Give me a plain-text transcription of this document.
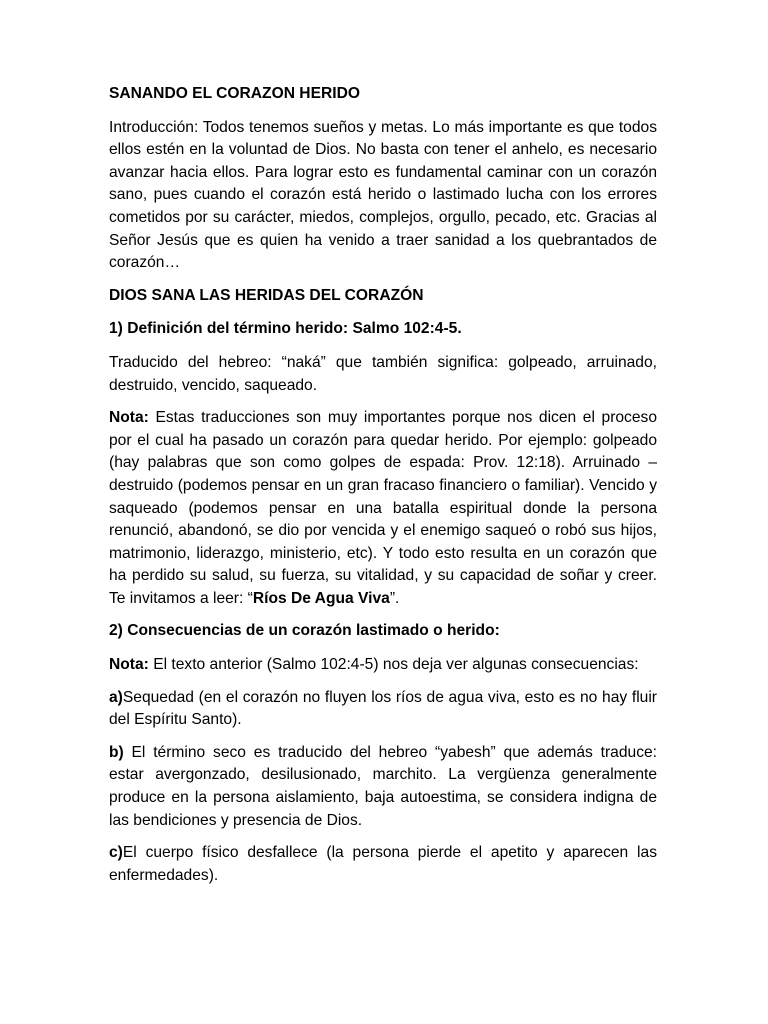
SANANDO EL CORAZON HERIDO

Introducción: Todos tenemos sueños y metas. Lo más importante es que todos ellos estén en la voluntad de Dios. No basta con tener el anhelo, es necesario avanzar hacia ellos. Para lograr esto es fundamental caminar con un corazón sano, pues cuando el corazón está herido o lastimado lucha con los errores cometidos por su carácter, miedos, complejos, orgullo, pecado, etc. Gracias al Señor Jesús que es quien ha venido a traer sanidad a los quebrantados de corazón…

DIOS SANA LAS HERIDAS DEL CORAZÓN
1) Definición del término herido: Salmo 102:4-5.

Traducido del hebreo: “naká” que también significa: golpeado, arruinado, destruido, vencido, saqueado.

Nota: Estas traducciones son muy importantes porque nos dicen el proceso por el cual ha pasado un corazón para quedar herido. Por ejemplo: golpeado (hay palabras que son como golpes de espada: Prov. 12:18). Arruinado – destruido (podemos pensar en un gran fracaso financiero o familiar). Vencido y saqueado (podemos pensar en una batalla espiritual donde la persona renunció, abandonó, se dio por vencida y el enemigo saqueó o robó sus hijos, matrimonio, liderazgo, ministerio, etc). Y todo esto resulta en un corazón que ha perdido su salud, su fuerza, su vitalidad, y su capacidad de soñar y creer. Te invitamos a leer: “Ríos De Agua Viva”.

2) Consecuencias de un corazón lastimado o herido:

Nota: El texto anterior (Salmo 102:4-5) nos deja ver algunas consecuencias:

a)Sequedad (en el corazón no fluyen los ríos de agua viva, esto es no hay fluir del Espíritu Santo).

b) El término seco es traducido del hebreo “yabesh” que además traduce: estar avergonzado, desilusionado, marchito. La vergüenza generalmente produce en la persona aislamiento, baja autoestima, se considera indigna de las bendiciones y presencia de Dios.

c)El cuerpo físico desfallece (la persona pierde el apetito y aparecen las enfermedades).
